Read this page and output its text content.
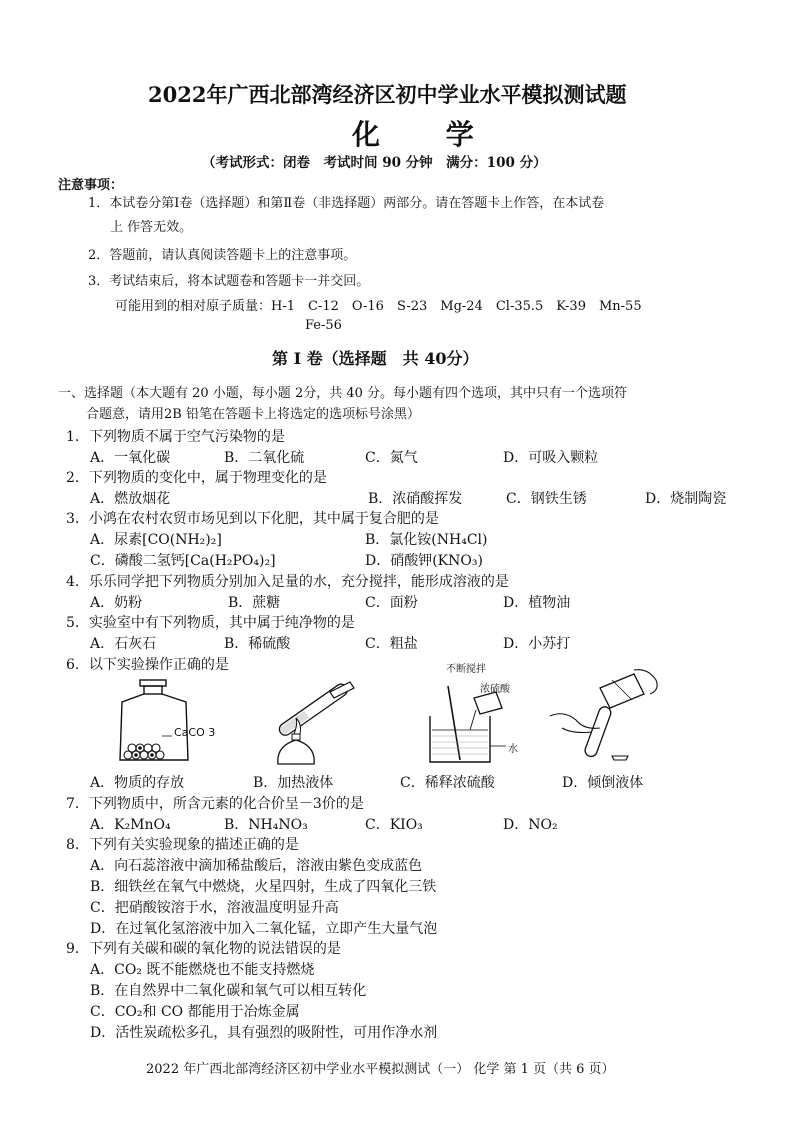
2022年广西北部湾经济区初中学业水平模拟测试题
化 学
（考试形式：闭卷　考试时间 90 分钟　满分：100 分）
注意事项：
1．本试卷分第Ⅰ卷（选择题）和第Ⅱ卷（非选择题）两部分。请在答题卡上作答，在本试卷
上 作答无效。
2．答题前，请认真阅读答题卡上的注意事项。
3．考试结束后，将本试题卷和答题卡一并交回。
可能用到的相对原子质量：H-1　C-12　O-16　S-23　Mg-24　Cl-35.5　K-39　Mn-55
Fe-56
第 Ⅰ 卷（选择题　共 40分）
一、选择题（本大题有 20 小题，每小题 2分，共 40 分。每小题有四个选项，其中只有一个选项符
合题意，请用2B 铅笔在答题卡上将选定的选项标号涂黑）
1．下列物质不属于空气污染物的是
A．一氧化碳	B．二氧化硫	C．氮气	D．可吸入颗粒
2．下列物质的变化中，属于物理变化的是
A．燃放烟花	B．浓硝酸挥发	C．钢铁生锈	D．烧制陶瓷
3．小鸿在农村农贸市场见到以下化肥，其中属于复合肥的是
A．尿素[CO(NH₂)₂]	B．氯化铵(NH₄Cl)
C．磷酸二氢钙[Ca(H₂PO₄)₂]	D．硝酸钾(KNO₃)
4．乐乐同学把下列物质分别加入足量的水，充分搅拌，能形成溶液的是
A．奶粉	B．蔗糖	C．面粉	D．植物油
5．实验室中有下列物质，其中属于纯净物的是
A．石灰石	B．稀硫酸	C．粗盐	D．小苏打
6．以下实验操作正确的是
CaCO 3
不断搅拌
浓硫酸
水
A．物质的存放	B．加热液体	C．稀释浓硫酸	D．倾倒液体
7．下列物质中，所含元素的化合价呈－3价的是
A．K₂MnO₄	B．NH₄NO₃	C．KIO₃	D．NO₂
8．下列有关实验现象的描述正确的是
A．向石蕊溶液中滴加稀盐酸后，溶液由紫色变成蓝色
B．细铁丝在氧气中燃烧，火星四射，生成了四氧化三铁
C．把硝酸铵溶于水，溶液温度明显升高
D．在过氧化氢溶液中加入二氧化锰，立即产生大量气泡
9．下列有关碳和碳的氧化物的说法错误的是
A．CO₂ 既不能燃烧也不能支持燃烧
B．在自然界中二氧化碳和氧气可以相互转化
C．CO₂和 CO 都能用于冶炼金属
D．活性炭疏松多孔，具有强烈的吸附性，可用作净水剂
2022 年广西北部湾经济区初中学业水平模拟测试（一） 化学 第 1 页（共 6 页）
